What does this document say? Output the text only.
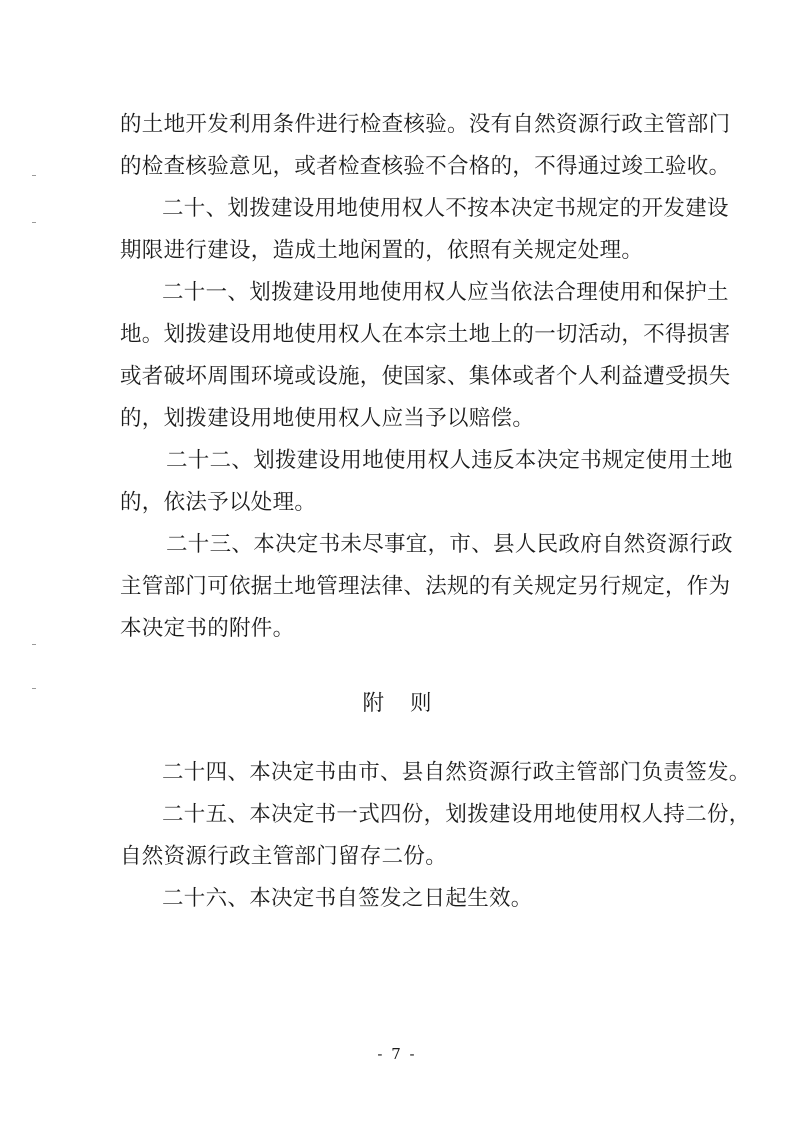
的土地开发利用条件进行检查核验。没有自然资源行政主管部门
的检查核验意见，或者检查核验不合格的，不得通过竣工验收。
二十、划拨建设用地使用权人不按本决定书规定的开发建设
期限进行建设，造成土地闲置的，依照有关规定处理。
二十一、划拨建设用地使用权人应当依法合理使用和保护土
地。划拨建设用地使用权人在本宗土地上的一切活动，不得损害
或者破坏周围环境或设施，使国家、集体或者个人利益遭受损失
的，划拨建设用地使用权人应当予以赔偿。
二十二、划拨建设用地使用权人违反本决定书规定使用土地
的，依法予以处理。
二十三、本决定书未尽事宜，市、县人民政府自然资源行政
主管部门可依据土地管理法律、法规的有关规定另行规定，作为
本决定书的附件。
附则
二十四、本决定书由市、县自然资源行政主管部门负责签发。
二十五、本决定书一式四份，划拨建设用地使用权人持二份，
自然资源行政主管部门留存二份。
二十六、本决定书自签发之日起生效。
- 7 -
